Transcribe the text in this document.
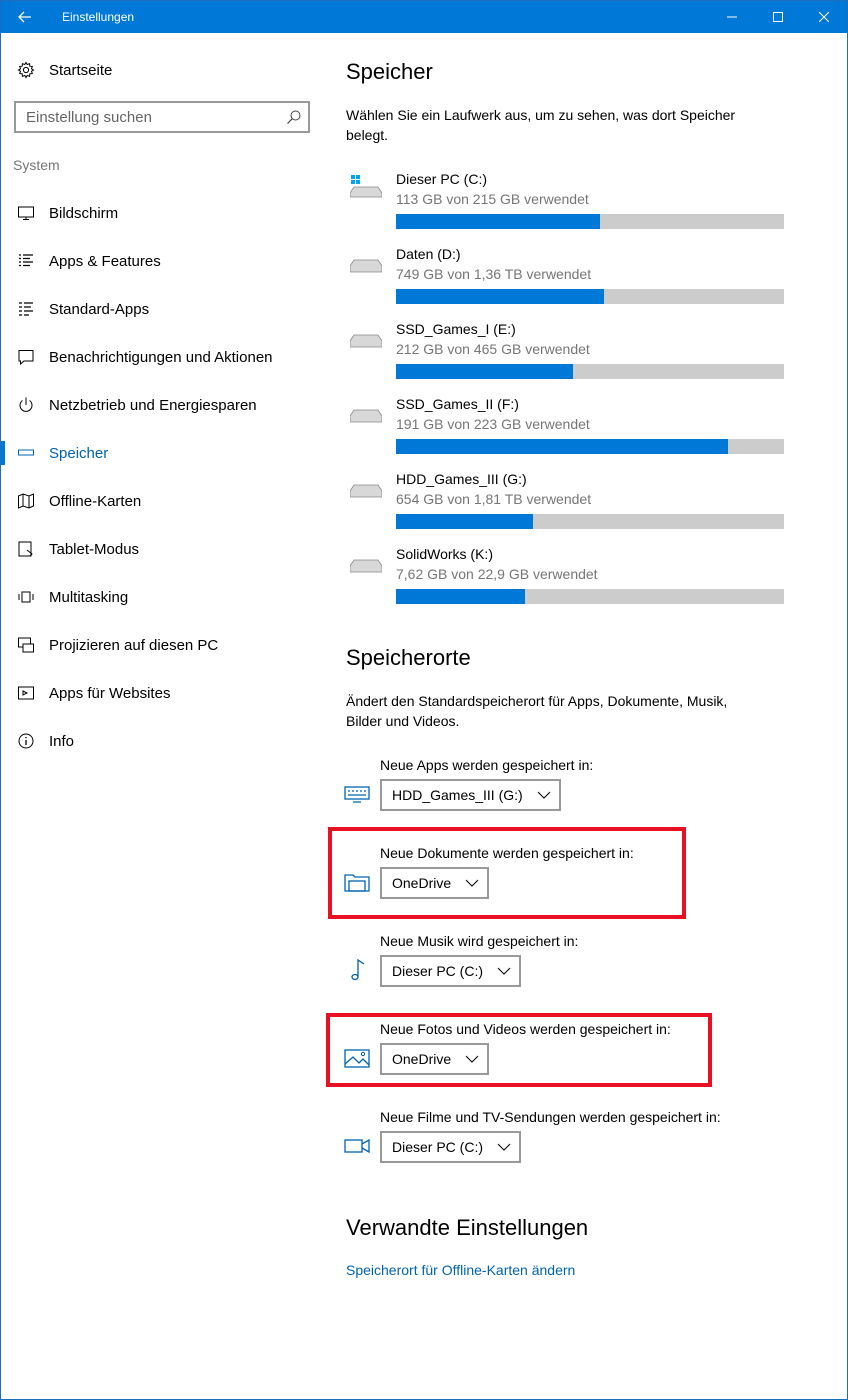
Einstellungen
Startseite
Einstellung suchen
System
Bildschirm
Apps & Features
Standard-Apps
Benachrichtigungen und Aktionen
Netzbetrieb und Energiesparen
Speicher
Offline-Karten
Tablet-Modus
Multitasking
Projizieren auf diesen PC
Apps für Websites
Info
Speicher

Wählen Sie ein Laufwerk aus, um zu sehen, was dort Speicher belegt.

Dieser PC (C:)
113 GB von 215 GB verwendet
Daten (D:)
749 GB von 1,36 TB verwendet
SSD_Games_I (E:)
212 GB von 465 GB verwendet
SSD_Games_II (F:)
191 GB von 223 GB verwendet
HDD_Games_III (G:)
654 GB von 1,81 TB verwendet
SolidWorks (K:)
7,62 GB von 22,9 GB verwendet
Speicherorte

Ändert den Standardspeicherort für Apps, Dokumente, Musik, Bilder und Videos.

Neue Apps werden gespeichert in:
HDD_Games_III (G:)
Neue Dokumente werden gespeichert in:
OneDrive
Neue Musik wird gespeichert in:
Dieser PC (C:)
Neue Fotos und Videos werden gespeichert in:
OneDrive
Neue Filme und TV-Sendungen werden gespeichert in:
Dieser PC (C:)
Verwandte Einstellungen
Speicherort für Offline-Karten ändern
